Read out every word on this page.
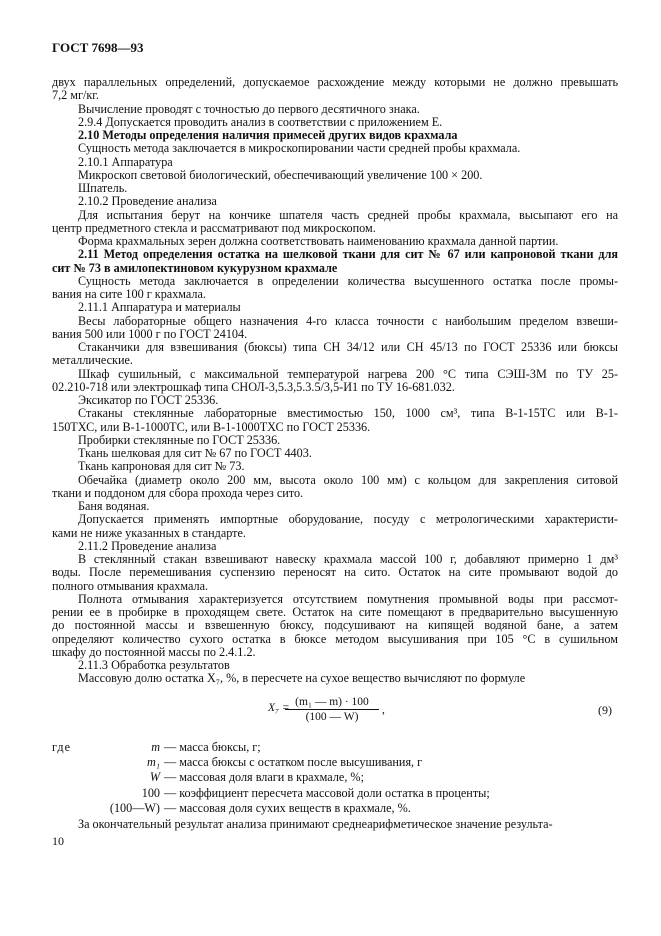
ГОСТ 7698—93
двух параллельных определений, допускаемое расхождение между которыми не должно превышать
7,2 мг/кг.
Вычисление проводят с точностью до первого десятичного знака.
2.9.4 Допускается проводить анализ в соответствии с приложением Е.
2.10 Методы определения наличия примесей других видов крахмала
Сущность метода заключается в микроскопировании части средней пробы крахмала.
2.10.1 Аппаратура
Микроскоп световой биологический, обеспечивающий увеличение 100 × 200.
Шпатель.
2.10.2 Проведение анализа
Для испытания берут на кончике шпателя часть средней пробы крахмала, высыпают его на
центр предметного стекла и рассматривают под микроскопом.
Форма крахмальных зерен должна соответствовать наименованию крахмала данной партии.
2.11 Метод определения остатка на шелковой ткани для сит № 67 или капроновой ткани для
сит № 73 в амилопектиновом кукурузном крахмале
Сущность метода заключается в определении количества высушенного остатка после промы-
вания на сите 100 г крахмала.
2.11.1 Аппаратура и материалы
Весы лабораторные общего назначения 4-го класса точности с наибольшим пределом взвеши-
вания 500 или 1000 г по ГОСТ 24104.
Стаканчики для взвешивания (бюксы) типа СН 34/12 или СН 45/13 по ГОСТ 25336 или бюксы
металлические.
Шкаф сушильный, с максимальной температурой нагрева 200 °С типа СЭШ-3М по ТУ 25-
02.210-718 или электрошкаф типа СНОЛ-3,5.3,5.3.5/3,5-И1 по ТУ 16-681.032.
Эксикатор по ГОСТ 25336.
Стаканы стеклянные лабораторные вместимостью 150, 1000 см³, типа В-1-15ТС или В-1-
150ТХС, или В-1-1000ТС, или В-1-1000ТХС по ГОСТ 25336.
Пробирки стеклянные по ГОСТ 25336.
Ткань шелковая для сит № 67 по ГОСТ 4403.
Ткань капроновая для сит № 73.
Обечайка (диаметр около 200 мм, высота около 100 мм) с кольцом для закрепления ситовой
ткани и поддоном для сбора прохода через сито.
Баня водяная.
Допускается применять импортные оборудование, посуду с метрологическими характеристи-
ками не ниже указанных в стандарте.
2.11.2 Проведение анализа
В стеклянный стакан взвешивают навеску крахмала массой 100 г, добавляют примерно 1 дм³
воды. После перемешивания суспензию переносят на сито. Остаток на сите промывают водой до
полного отмывания крахмала.
Полнота отмывания характеризуется отсутствием помутнения промывной воды при рассмот-
рении ее в пробирке в проходящем свете. Остаток на сите помещают в предварительно высушенную
до постоянной массы и взвешенную бюксу, подсушивают на кипящей водяной бане, а затем
определяют количество сухого остатка в бюксе методом высушивания при 105 °С в сушильном
шкафу до постоянной массы по 2.4.1.2.
2.11.3 Обработка результатов
Массовую долю остатка X₇, %, в пересчете на сухое вещество вычисляют по формуле
X₇ =
$\frac{\text{(m₁ — m) · 100}}{(100 — W)}$ ,	(9)
где	m — масса бюксы, г;
m₁ — масса бюксы с остатком после высушивания, г
W — массовая доля влаги в крахмале, %;
100 — коэффициент пересчета массовой доли остатка в проценты;
(100—W) — массовая доля сухих веществ в крахмале, %.
За окончательный результат анализа принимают среднеарифметическое значение результа-
10
